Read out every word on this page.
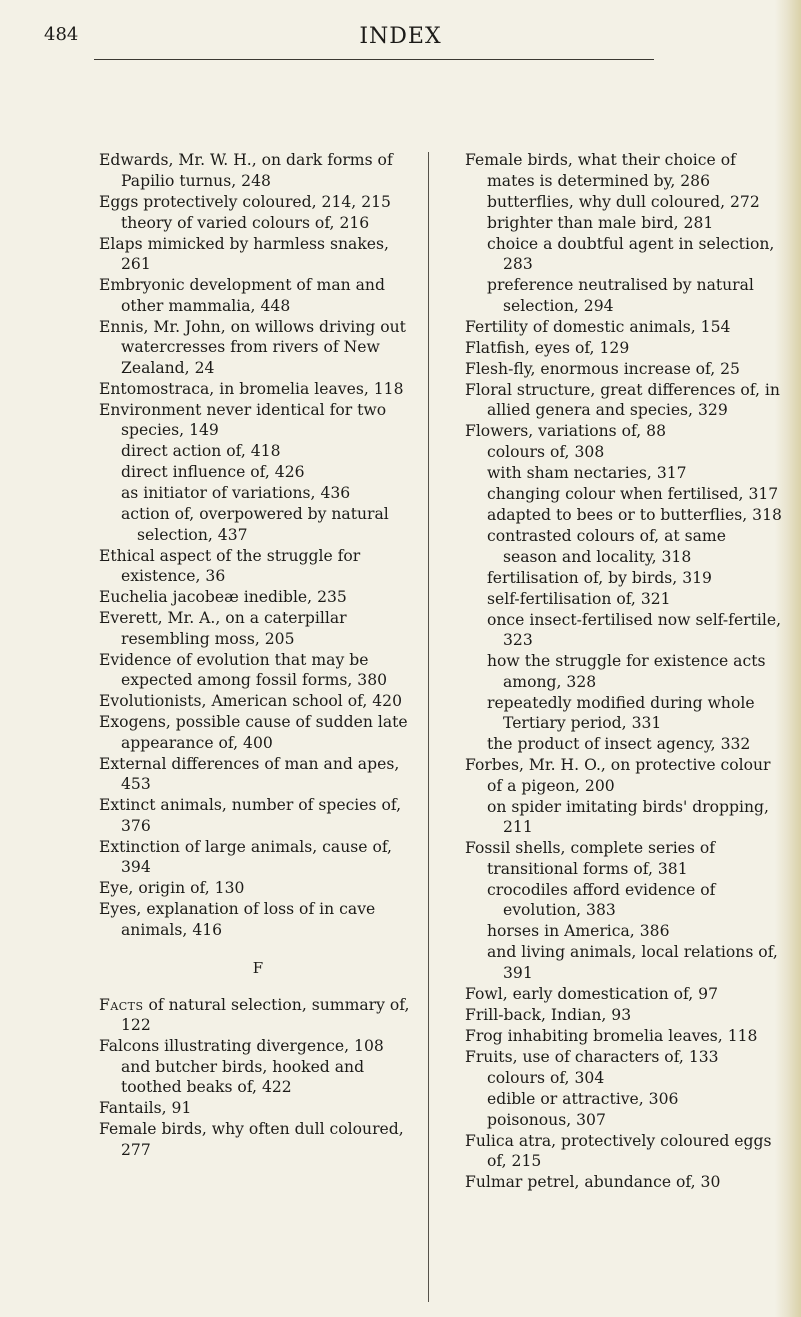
484	INDEX
Edwards, Mr. W. H., on dark forms of Papilio turnus, 248
Eggs protectively coloured, 214, 215
theory of varied colours of, 216
Elaps mimicked by harmless snakes, 261
Embryonic development of man and other mammalia, 448
Ennis, Mr. John, on willows driving out watercresses from rivers of New Zealand, 24
Entomostraca, in bromelia leaves, 118
Environment never identical for two species, 149
direct action of, 418
direct influence of, 426
as initiator of variations, 436
action of, overpowered by natural selection, 437
Ethical aspect of the struggle for existence, 36
Euchelia jacobeæ inedible, 235
Everett, Mr. A., on a caterpillar resembling moss, 205
Evidence of evolution that may be expected among fossil forms, 380
Evolutionists, American school of, 420
Exogens, possible cause of sudden late appearance of, 400
External differences of man and apes, 453
Extinct animals, number of species of, 376
Extinction of large animals, cause of, 394
Eye, origin of, 130
Eyes, explanation of loss of in cave animals, 416
F
Facts of natural selection, summary of, 122
Falcons illustrating divergence, 108 and butcher birds, hooked and toothed beaks of, 422
Fantails, 91
Female birds, why often dull coloured, 277
Female birds, what their choice of mates is determined by, 286
butterflies, why dull coloured, 272
brighter than male bird, 281
choice a doubtful agent in selection, 283
preference neutralised by natural selection, 294
Fertility of domestic animals, 154
Flatfish, eyes of, 129
Flesh-fly, enormous increase of, 25
Floral structure, great differences of, in allied genera and species, 329
Flowers, variations of, 88
colours of, 308
with sham nectaries, 317
changing colour when fertilised, 317
adapted to bees or to butterflies, 318
contrasted colours of, at same season and locality, 318
fertilisation of, by birds, 319
self-fertilisation of, 321
once insect-fertilised now self-fertile, 323
how the struggle for existence acts among, 328
repeatedly modified during whole Tertiary period, 331
the product of insect agency, 332
Forbes, Mr. H. O., on protective colour of a pigeon, 200
on spider imitating birds' dropping, 211
Fossil shells, complete series of transitional forms of, 381
crocodiles afford evidence of evolution, 383
horses in America, 386
and living animals, local relations of, 391
Fowl, early domestication of, 97
Frill-back, Indian, 93
Frog inhabiting bromelia leaves, 118
Fruits, use of characters of, 133
colours of, 304
edible or attractive, 306
poisonous, 307
Fulica atra, protectively coloured eggs of, 215
Fulmar petrel, abundance of, 30
